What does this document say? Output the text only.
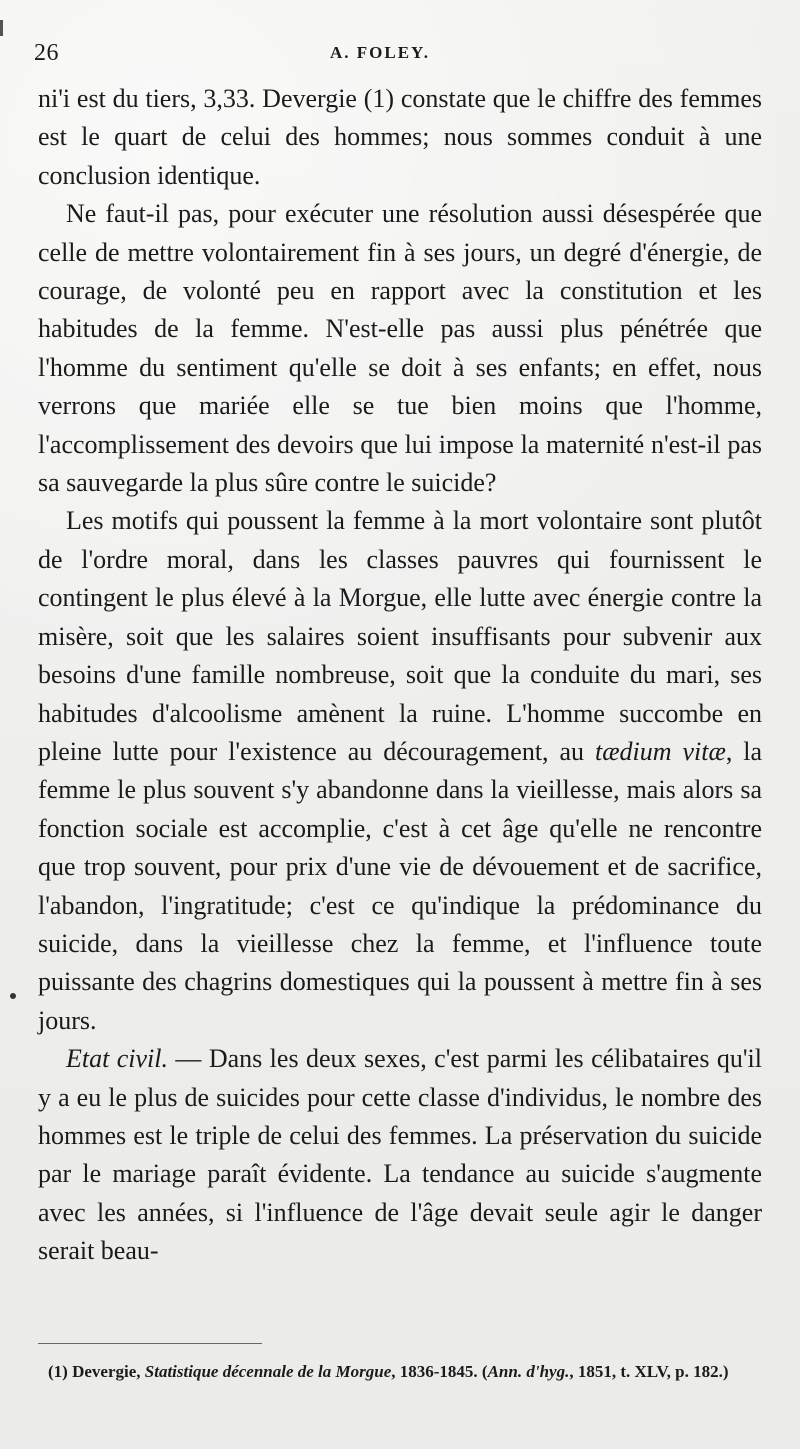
26	A. FOLEY.

ni'i est du tiers, 3,33. Devergie (1) constate que le chiffre des femmes est le quart de celui des hommes; nous sommes conduit à une conclusion identique.

Ne faut-il pas, pour exécuter une résolution aussi désespérée que celle de mettre volontairement fin à ses jours, un degré d'énergie, de courage, de volonté peu en rapport avec la constitution et les habitudes de la femme. N'est-elle pas aussi plus pénétrée que l'homme du sentiment qu'elle se doit à ses enfants; en effet, nous verrons que mariée elle se tue bien moins que l'homme, l'accomplissement des devoirs que lui impose la maternité n'est-il pas sa sauvegarde la plus sûre contre le suicide?

Les motifs qui poussent la femme à la mort volontaire sont plutôt de l'ordre moral, dans les classes pauvres qui fournissent le contingent le plus élevé à la Morgue, elle lutte avec énergie contre la misère, soit que les salaires soient insuffisants pour subvenir aux besoins d'une famille nombreuse, soit que la conduite du mari, ses habitudes d'alcoolisme amènent la ruine. L'homme succombe en pleine lutte pour l'existence au découragement, au tædium vitæ, la femme le plus souvent s'y abandonne dans la vieillesse, mais alors sa fonction sociale est accomplie, c'est à cet âge qu'elle ne rencontre que trop souvent, pour prix d'une vie de dévouement et de sacrifice, l'abandon, l'ingratitude; c'est ce qu'indique la prédominance du suicide, dans la vieillesse chez la femme, et l'influence toute puissante des chagrins domestiques qui la poussent à mettre fin à ses jours.

Etat civil. — Dans les deux sexes, c'est parmi les célibataires qu'il y a eu le plus de suicides pour cette classe d'individus, le nombre des hommes est le triple de celui des femmes. La préservation du suicide par le mariage paraît évidente. La tendance au suicide s'augmente avec les années, si l'influence de l'âge devait seule agir le danger serait beau-

(1) Devergie, Statistique décennale de la Morgue, 1836-1845. (Ann. d'hyg., 1851, t. XLV, p. 182.)
